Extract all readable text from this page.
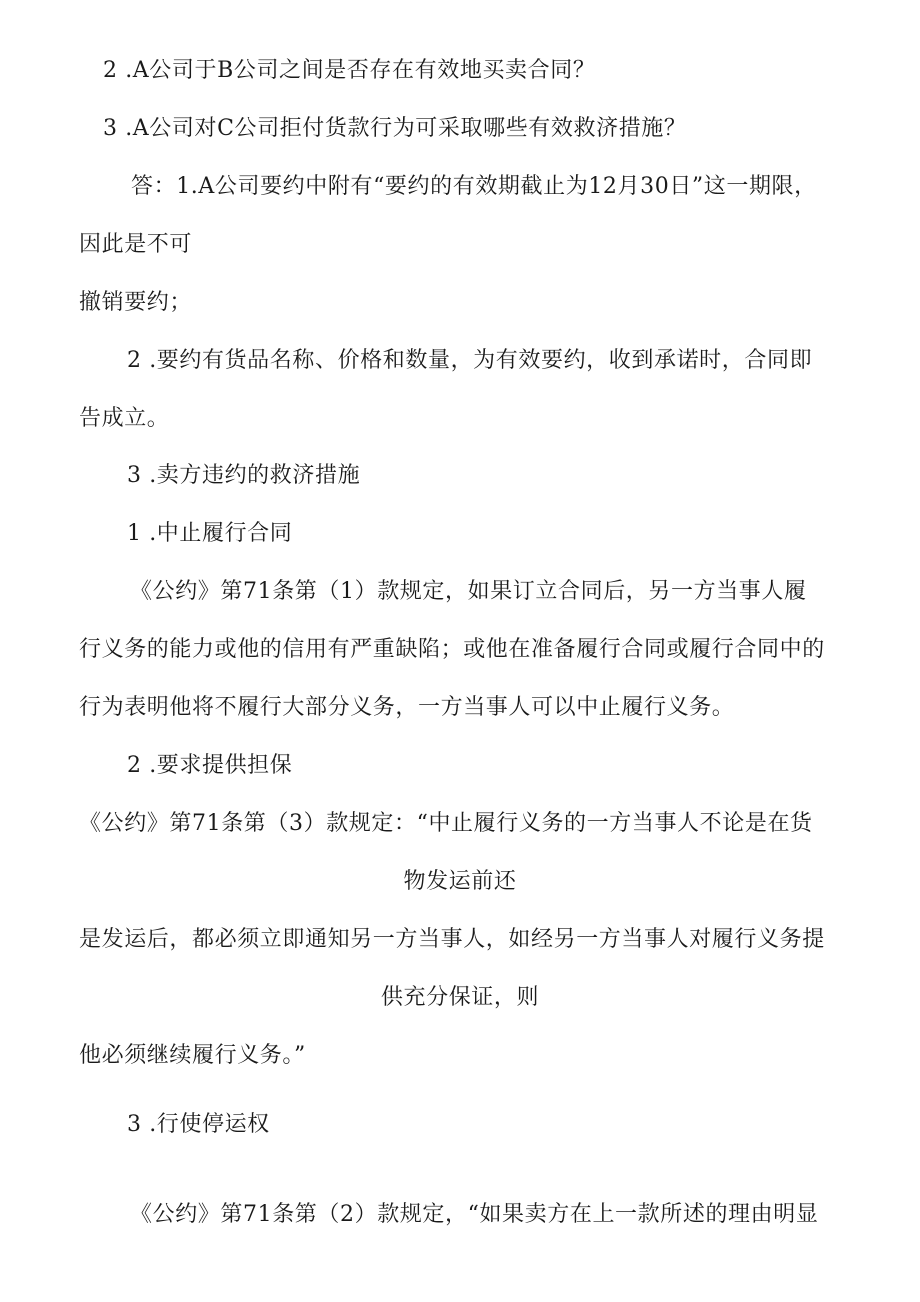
2 .A公司于B公司之间是否存在有效地买卖合同？
3 .A公司对C公司拒付货款行为可采取哪些有效救济措施？
答：1.A公司要约中附有“要约的有效期截止为12月30日”这一期限，
因此是不可
撤销要约；
2 .要约有货品名称、价格和数量，为有效要约，收到承诺时，合同即
告成立。
3 .卖方违约的救济措施
1 .中止履行合同
《公约》第71条第（1）款规定，如果订立合同后，另一方当事人履
行义务的能力或他的信用有严重缺陷；或他在准备履行合同或履行合同中的
行为表明他将不履行大部分义务，一方当事人可以中止履行义务。
2 .要求提供担保
《公约》第71条第（3）款规定：“中止履行义务的一方当事人不论是在货
物发运前还
是发运后，都必须立即通知另一方当事人，如经另一方当事人对履行义务提
供充分保证，则
他必须继续履行义务。”
3 .行使停运权
《公约》第71条第（2）款规定，“如果卖方在上一款所述的理由明显
